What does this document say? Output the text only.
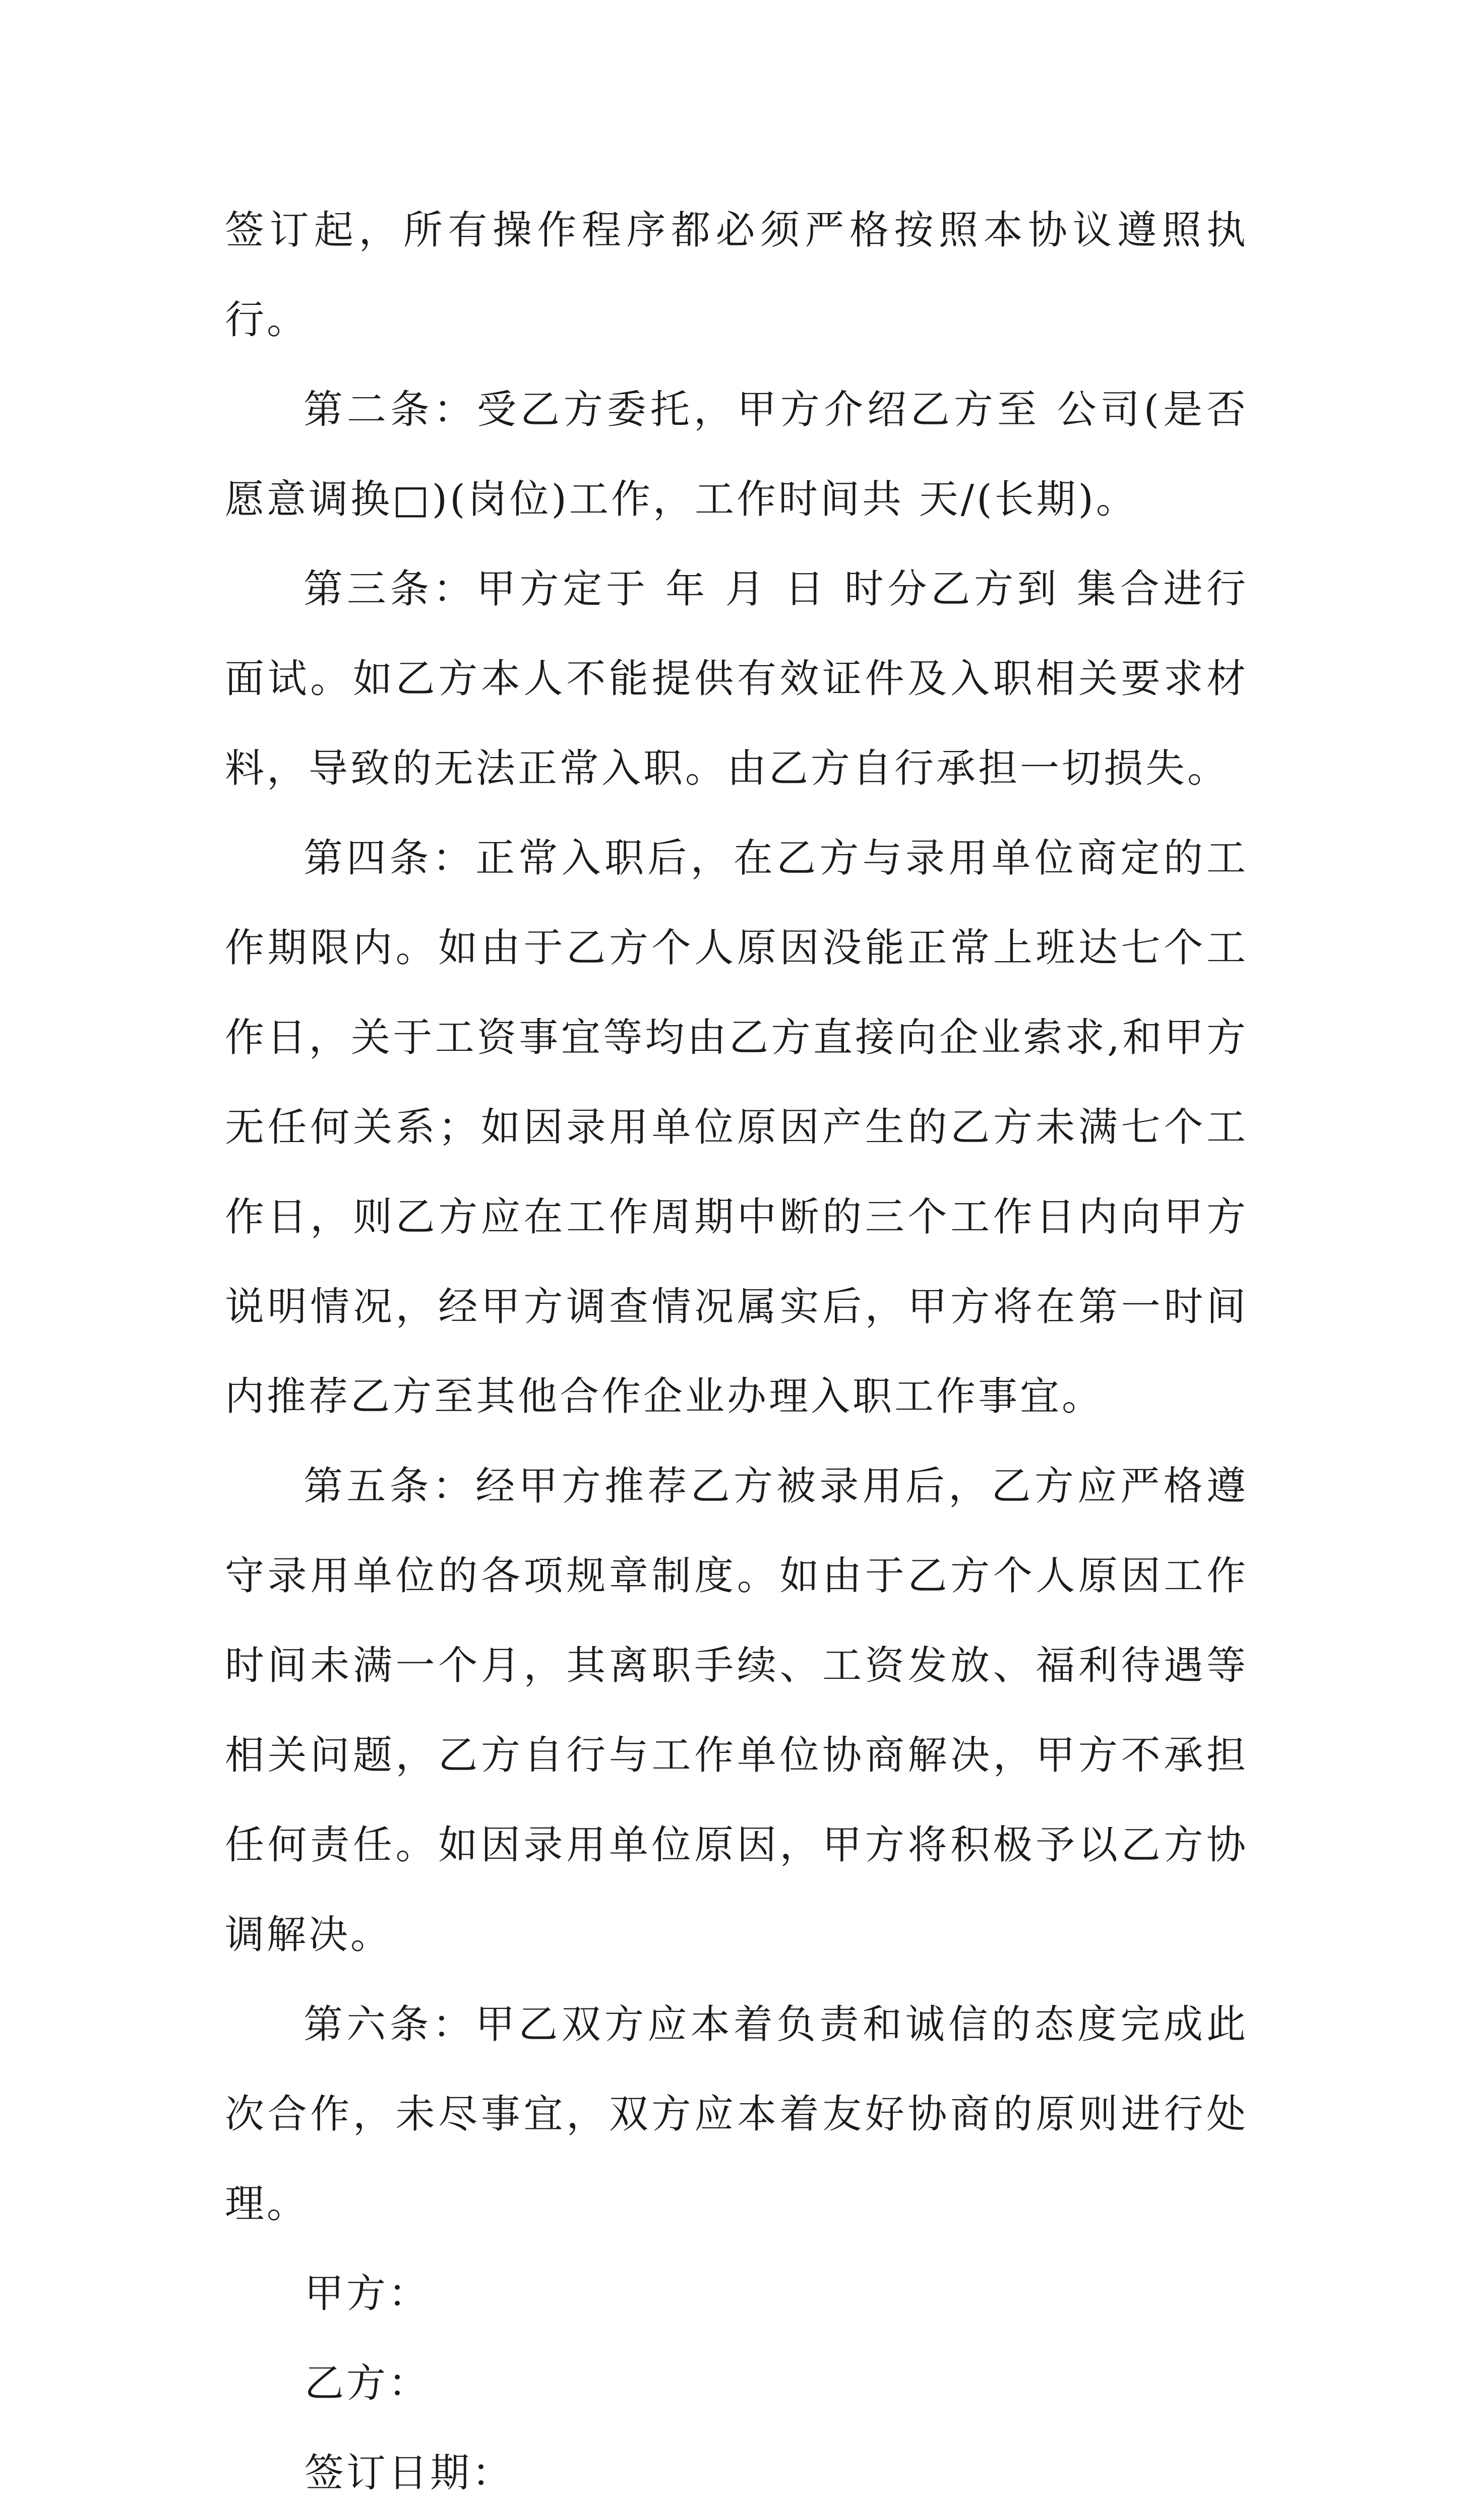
签订起，所有操作程序都必须严格按照本协议遵照执行。

第二条：受乙方委托，甲方介绍乙方至 公司(是否愿意调换□)(岗位)工作，工作时间共 天/(长期)。

第三条：甲方定于 年 月 日 时分乙方到 集合进行面试。如乙方本人不能提供有效证件及入职相关要求材料，导致的无法正常入职。由乙方自行承担一切损失。

第四条：正常入职后，在乙方与录用单位商定的工作期限内。如由于乙方个人原因没能正常上班达七个工作日，关于工资事宜等均由乙方直接向企业索求,和甲方无任何关系；如因录用单位原因产生的乙方未满七个工作日，则乙方应在工作周期中断的三个工作日内向甲方说明情况，经甲方调查情况属实后，甲方将在第一时间内推荐乙方至其他合作企业办理入职工作事宜。

第五条：经甲方推荐乙方被录用后，乙方应严格遵守录用单位的各项规章制度。如由于乙方个人原因工作时间未满一个月，其离职手续、工资发放、福利待遇等相关问题，乙方自行与工作单位协商解决，甲方不承担任何责任。如因录用单位原因，甲方将积极予以乙方协调解决。

第六条：甲乙双方应本着负责和诚信的态度完成此次合作，未尽事宜，双方应本着友好协商的原则进行处理。

甲方：

乙方：

签订日期：
